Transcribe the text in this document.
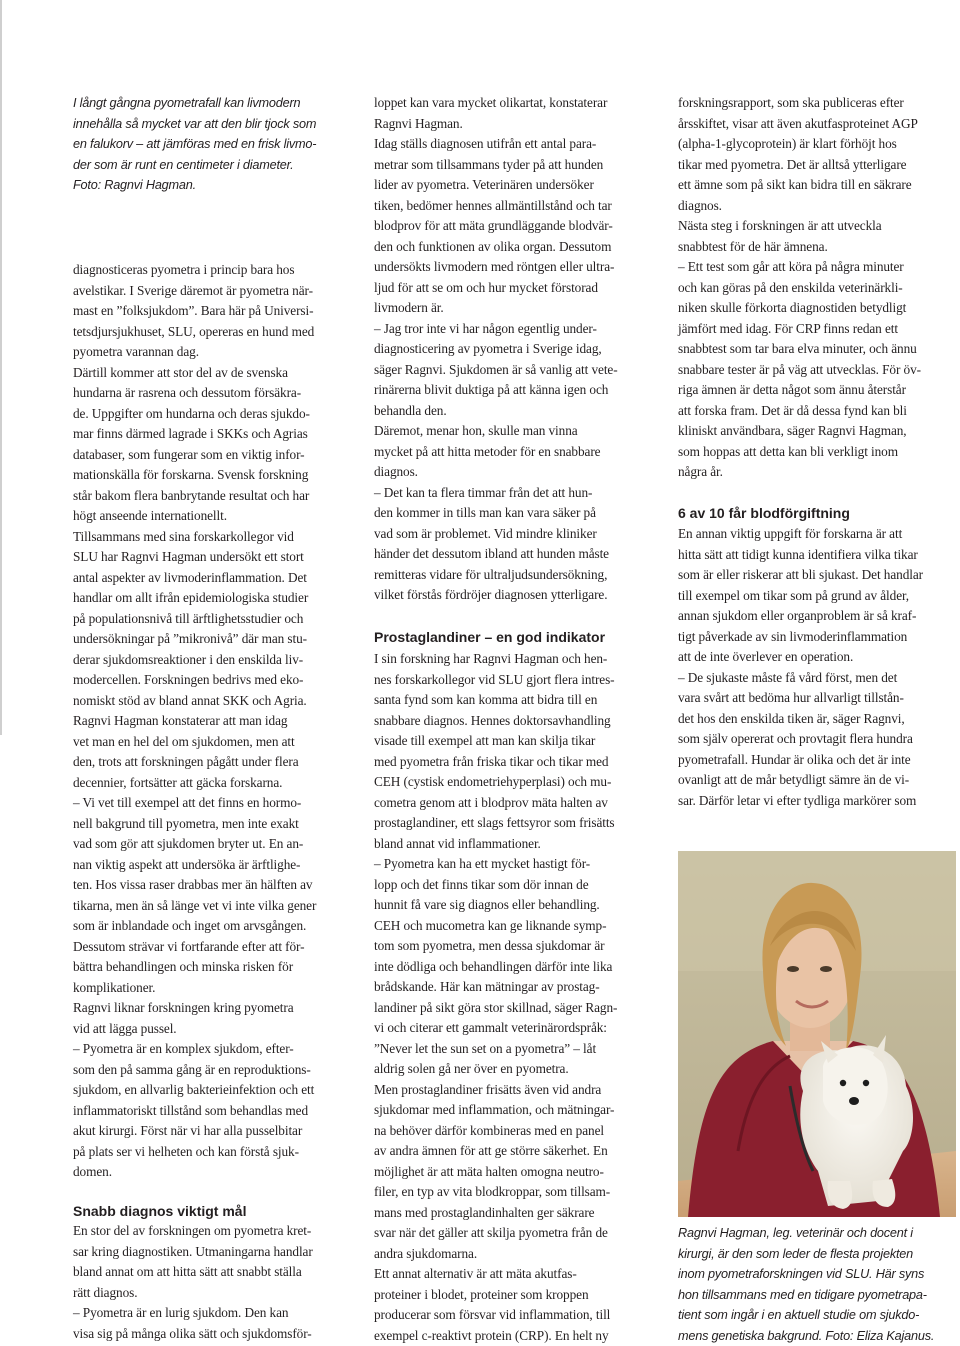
I långt gångna pyometrafall kan livmodern

innehålla så mycket var att den blir tjock som

en falukorv – att jämföras med en frisk livmo-

der som är runt en centimeter i diameter.

Foto: Ragnvi Hagman.

diagnosticeras pyometra i princip bara hos

avelstikar. I Sverige däremot är pyometra när-

mast en ”folksjukdom”. Bara här på Universi-

tetsdjursjukhuset, SLU, opereras en hund med

pyometra varannan dag.

Därtill kommer att stor del av de svenska

hundarna är rasrena och dessutom försäkra-

de. Uppgifter om hundarna och deras sjukdo-

mar finns därmed lagrade i SKKs och Agrias

databaser, som fungerar som en viktig infor-

mationskälla för forskarna. Svensk forskning

står bakom flera banbrytande resultat och har

högt anseende internationellt.

Tillsammans med sina forskarkollegor vid

SLU har Ragnvi Hagman undersökt ett stort

antal aspekter av livmoderinflammation. Det

handlar om allt ifrån epidemiologiska studier

på populationsnivå till ärftlighetsstudier och

undersökningar på ”mikronivå” där man stu-

derar sjukdomsreaktioner i den enskilda liv-

modercellen. Forskningen bedrivs med eko-

nomiskt stöd av bland annat SKK och Agria.

Ragnvi Hagman konstaterar att man idag

vet man en hel del om sjukdomen, men att

den, trots att forskningen pågått under flera

decennier, fortsätter att gäcka forskarna.

– Vi vet till exempel att det finns en hormo-

nell bakgrund till pyometra, men inte exakt

vad som gör att sjukdomen bryter ut. En an-

nan viktig aspekt att undersöka är ärftlighe-

ten. Hos vissa raser drabbas mer än hälften av

tikarna, men än så länge vet vi inte vilka gener

som är inblandade och inget om arvsgången.

Dessutom strävar vi fortfarande efter att för-

bättra behandlingen och minska risken för

komplikationer.

Ragnvi liknar forskningen kring pyometra

vid att lägga pussel.

– Pyometra är en komplex sjukdom, efter-

som den på samma gång är en reproduktions-

sjukdom, en allvarlig bakterieinfektion och ett

inflammatoriskt tillstånd som behandlas med

akut kirurgi. Först när vi har alla pusselbitar

på plats ser vi helheten och kan förstå sjuk-

domen.

Snabb diagnos viktigt mål

En stor del av forskningen om pyometra kret-

sar kring diagnostiken. Utmaningarna handlar

bland annat om att hitta sätt att snabbt ställa

rätt diagnos.

– Pyometra är en lurig sjukdom. Den kan

visa sig på många olika sätt och sjukdomsför-

loppet kan vara mycket olikartat, konstaterar

Ragnvi Hagman.

Idag ställs diagnosen utifrån ett antal para-

metrar som tillsammans tyder på att hunden

lider av pyometra. Veterinären undersöker

tiken, bedömer hennes allmäntillstånd och tar

blodprov för att mäta grundläggande blodvär-

den och funktionen av olika organ. Dessutom

undersökts livmodern med röntgen eller ultra-

ljud för att se om och hur mycket förstorad

livmodern är.

– Jag tror inte vi har någon egentlig under-

diagnosticering av pyometra i Sverige idag,

säger Ragnvi. Sjukdomen är så vanlig att vete-

rinärerna blivit duktiga på att känna igen och

behandla den.

Däremot, menar hon, skulle man vinna

mycket på att hitta metoder för en snabbare

diagnos.

– Det kan ta flera timmar från det att hun-

den kommer in tills man kan vara säker på

vad som är problemet. Vid mindre kliniker

händer det dessutom ibland att hunden måste

remitteras vidare för ultraljudsundersökning,

vilket förstås fördröjer diagnosen ytterligare.

Prostaglandiner – en god indikator

I sin forskning har Ragnvi Hagman och hen-

nes forskarkollegor vid SLU gjort flera intres-

santa fynd som kan komma att bidra till en

snabbare diagnos. Hennes doktorsavhandling

visade till exempel att man kan skilja tikar

med pyometra från friska tikar och tikar med

CEH (cystisk endometriehyperplasi) och mu-

cometra genom att i blodprov mäta halten av

prostaglandiner, ett slags fettsyror som frisätts

bland annat vid inflammationer.

– Pyometra kan ha ett mycket hastigt för-

lopp och det finns tikar som dör innan de

hunnit få vare sig diagnos eller behandling.

CEH och mucometra kan ge liknande symp-

tom som pyometra, men dessa sjukdomar är

inte dödliga och behandlingen därför inte lika

brådskande. Här kan mätningar av prostag-

landiner på sikt göra stor skillnad, säger Ragn-

vi och citerar ett gammalt veterinärordspråk:

”Never let the sun set on a pyometra” – låt

aldrig solen gå ner över en pyometra.

Men prostaglandiner frisätts även vid andra

sjukdomar med inflammation, och mätningar-

na behöver därför kombineras med en panel

av andra ämnen för att ge större säkerhet. En

möjlighet är att mäta halten omogna neutro-

filer, en typ av vita blodkroppar, som tillsam-

mans med prostaglandinhalten ger säkrare

svar när det gäller att skilja pyometra från de

andra sjukdomarna.

Ett annat alternativ är att mäta akutfas-

proteiner i blodet, proteiner som kroppen

producerar som försvar vid inflammation, till

exempel c-reaktivt protein (CRP). En helt ny

forskningsrapport, som ska publiceras efter

årsskiftet, visar att även akutfasproteinet AGP

(alpha-1-glycoprotein) är klart förhöjt hos

tikar med pyometra. Det är alltså ytterligare

ett ämne som på sikt kan bidra till en säkrare

diagnos.

Nästa steg i forskningen är att utveckla

snabbtest för de här ämnena.

– Ett test som går att köra på några minuter

och kan göras på den enskilda veterinärkli-

niken skulle förkorta diagnostiden betydligt

jämfört med idag. För CRP finns redan ett

snabbtest som tar bara elva minuter, och ännu

snabbare tester är på väg att utvecklas. För öv-

riga ämnen är detta något som ännu återstår

att forska fram. Det är då dessa fynd kan bli

kliniskt användbara, säger Ragnvi Hagman,

som hoppas att detta kan bli verkligt inom

några år.

6 av 10 får blodförgiftning

En annan viktig uppgift för forskarna är att

hitta sätt att tidigt kunna identifiera vilka tikar

som är eller riskerar att bli sjukast. Det handlar

till exempel om tikar som på grund av ålder,

annan sjukdom eller organproblem är så kraf-

tigt påverkade av sin livmoderinflammation

att de inte överlever en operation.

– De sjukaste måste få vård först, men det

vara svårt att bedöma hur allvarligt tillstån-

det hos den enskilda tiken är, säger Ragnvi,

som själv opererat och provtagit flera hundra

pyometrafall. Hundar är olika och det är inte

ovanligt att de mår betydligt sämre än de vi-

sar. Därför letar vi efter tydliga markörer som

Ragnvi Hagman, leg. veterinär och docent i

kirurgi, är den som leder de flesta projekten

inom pyometraforskningen vid SLU. Här syns

hon tillsammans med en tidigare pyometrapa-

tient som ingår i en aktuell studie om sjukdo-

mens genetiska bakgrund. Foto: Eliza Kajanus.
